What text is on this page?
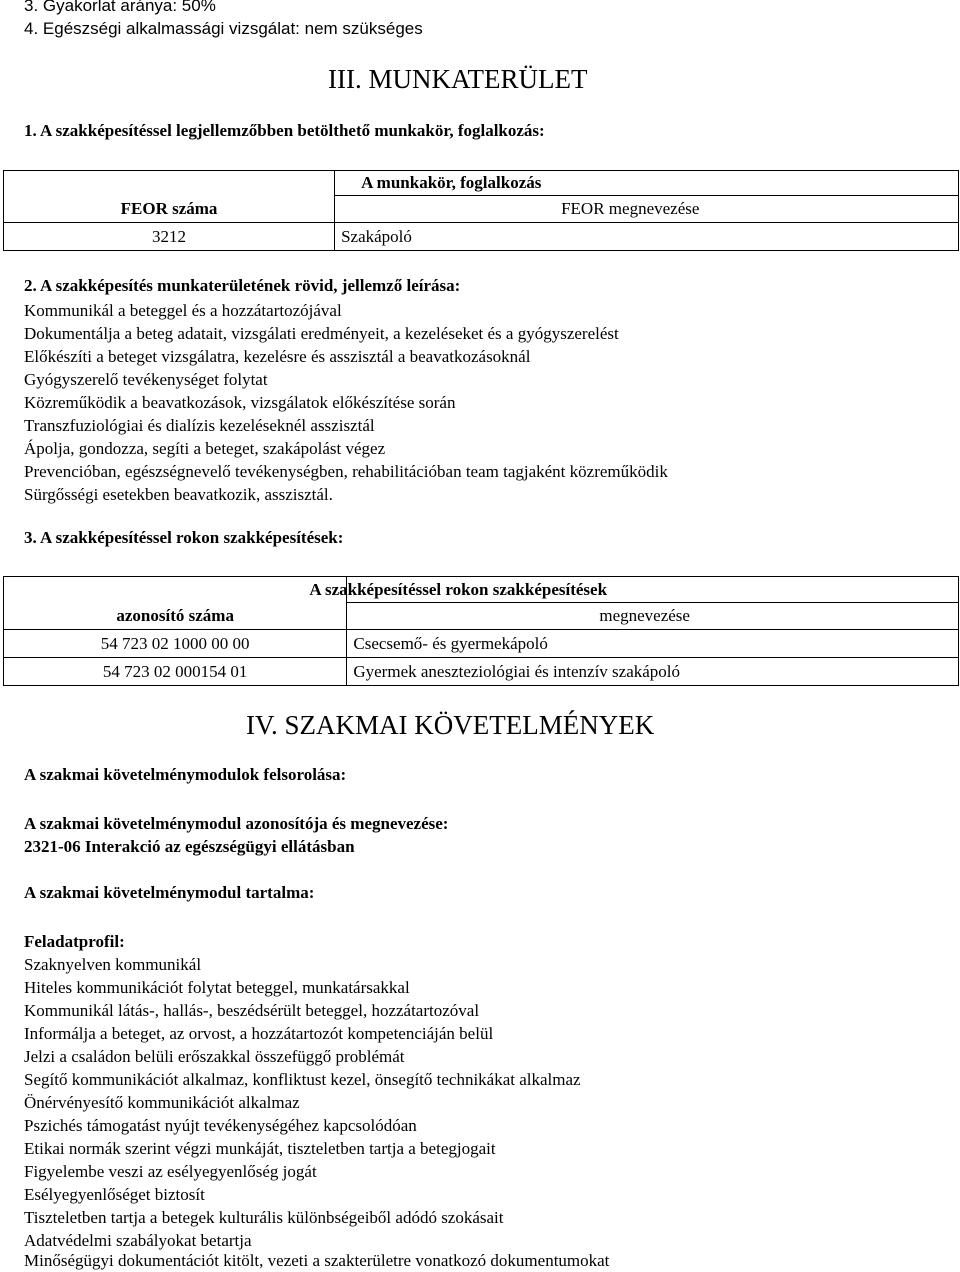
3. Gyakorlat aránya: 50%
4. Egészségi alkalmassági vizsgálat: nem szükséges
III. MUNKATERÜLET
1. A szakképesítéssel legjellemzőbben betölthető munkakör, foglalkozás:
	A munkakör, foglalkozás
FEOR száma	FEOR megnevezése
3212	Szakápoló
2. A szakképesítés munkaterületének rövid, jellemző leírása:
Kommunikál a beteggel és a hozzátartozójával
Dokumentálja a beteg adatait, vizsgálati eredményeit, a kezeléseket és a gyógyszerelést
Előkészíti a beteget vizsgálatra, kezelésre és asszisztál a beavatkozásoknál
Gyógyszerelő tevékenységet folytat
Közreműködik a beavatkozások, vizsgálatok előkészítése során
Transzfuziológiai és dialízis kezeléseknél asszisztál
Ápolja, gondozza, segíti a beteget, szakápolást végez
Prevencióban, egészségnevelő tevékenységben, rehabilitációban team tagjaként közreműködik
Sürgősségi esetekben beavatkozik, asszisztál.
3. A szakképesítéssel rokon szakképesítések:
	A szakképesítéssel rokon szakképesítések
azonosító száma	megnevezése
54 723 02 1000 00 00	Csecsemő- és gyermekápoló
54 723 02 000154 01	Gyermek aneszteziológiai és intenzív szakápoló
IV. SZAKMAI KÖVETELMÉNYEK
A szakmai követelménymodulok felsorolása:
A szakmai követelménymodul azonosítója és megnevezése:
2321-06 Interakció az egészségügyi ellátásban
A szakmai követelménymodul tartalma:
Feladatprofil:
Szaknyelven kommunikál
Hiteles kommunikációt folytat beteggel, munkatársakkal
Kommunikál látás-, hallás-, beszédsérült beteggel, hozzátartozóval
Informálja a beteget, az orvost, a hozzátartozót kompetenciáján belül
Jelzi a családon belüli erőszakkal összefüggő problémát
Segítő kommunikációt alkalmaz, konfliktust kezel, önsegítő technikákat alkalmaz
Önérvényesítő kommunikációt alkalmaz
Pszichés támogatást nyújt tevékenységéhez kapcsolódóan
Etikai normák szerint végzi munkáját, tiszteletben tartja a betegjogait
Figyelembe veszi az esélyegyenlőség jogát
Esélyegyenlőséget biztosít
Tiszteletben tartja a betegek kulturális különbségeiből adódó szokásait
Adatvédelmi szabályokat betartja
Minőségügyi dokumentációt kitölt, vezeti a szakterületre vonatkozó dokumentumokat
